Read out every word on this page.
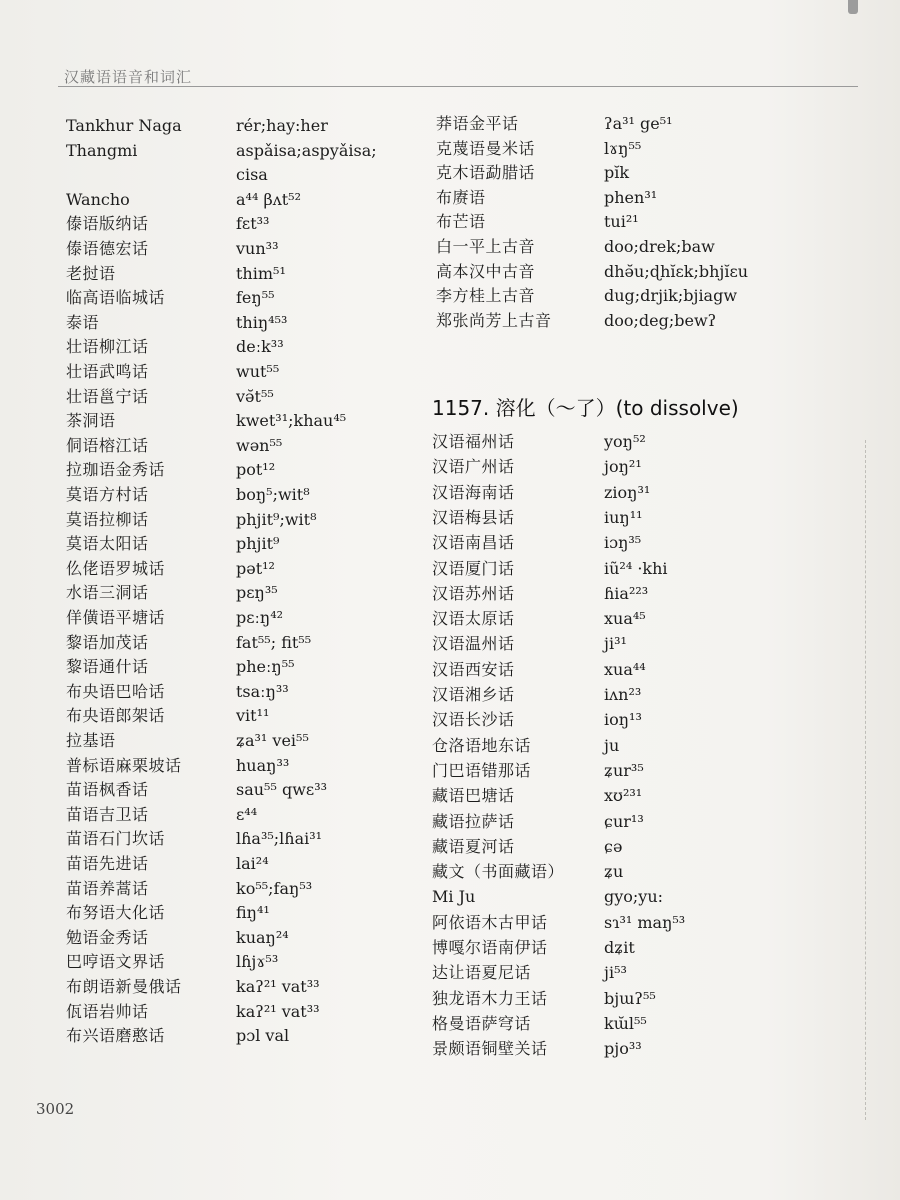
汉藏语语音和词汇
Tankhur Naga	rér;hay:her
Thangmi	aspǎisa;aspyǎisa;
cisa
Wancho	a⁴⁴ βʌt⁵²
傣语版纳话	fɛt³³
傣语德宏话	vun³³
老挝语	thim⁵¹
临高语临城话	feŋ⁵⁵
泰语	thiŋ⁴⁵³
壮语柳江话	deːk³³
壮语武鸣话	wut⁵⁵
壮语邕宁话	vǝ̆t⁵⁵
茶洞语	kwet³¹;khau⁴⁵
侗语榕江话	wən⁵⁵
拉珈语金秀话	pot¹²
莫语方村话	boŋ⁵;wit⁸
莫语拉柳话	phjit⁹;wit⁸
莫语太阳话	phjit⁹
仫佬语罗城话	pət¹²
水语三洞话	pɛŋ³⁵
佯僙语平塘话	pɛːŋ⁴²
黎语加茂话	fat⁵⁵; fit⁵⁵
黎语通什话	pheːŋ⁵⁵
布央语巴哈话	tsaːŋ³³
布央语郎架话	vit¹¹
拉基语	ʑa³¹ vei⁵⁵
普标语麻栗坡话	huaŋ³³
苗语枫香话	sau⁵⁵ qwɛ³³
苗语吉卫话	ɛ⁴⁴
苗语石门坎话	lɦa³⁵;lɦai³¹
苗语先进话	lai²⁴
苗语养蒿话	ko⁵⁵;faŋ⁵³
布努语大化话	fiŋ⁴¹
勉语金秀话	kuaŋ²⁴
巴哼语文界话	lɦjɤ⁵³
布朗语新曼俄话	kaʔ²¹ vat³³
佤语岩帅话	kaʔ²¹ vat³³
布兴语磨憨话	pɔl val
莽语金平话	ʔa³¹ ge⁵¹
克蔑语曼米话	lɤŋ⁵⁵
克木语勐腊话	pĭk
布赓语	phen³¹
布芒语	tui²¹
白一平上古音	doo;drek;baw
高本汉中古音	dhǝ̆u;ɖhĭɛk;bhjĭɛu
李方桂上古音	dug;drjik;bjiagw
郑张尚芳上古音	doo;deg;bewʔ
1157. 溶化（～了）(to dissolve)
汉语福州话	yoŋ⁵²
汉语广州话	joŋ²¹
汉语海南话	zioŋ³¹
汉语梅县话	iuŋ¹¹
汉语南昌话	iɔŋ³⁵
汉语厦门话	iũ²⁴ ·khi
汉语苏州话	ɦia²²³
汉语太原话	xua⁴⁵
汉语温州话	ji³¹
汉语西安话	xua⁴⁴
汉语湘乡话	iʌn²³
汉语长沙话	ioŋ¹³
仓洛语地东话	ju
门巴语错那话	ʑur³⁵
藏语巴塘话	xʊ²³¹
藏语拉萨话	ɕur¹³
藏语夏河话	ɕə
藏文（书面藏语） ʑu
Mi Ju	gyo;yu:
阿依语木古甲话	sɿ³¹ maŋ⁵³
博嘎尔语南伊话	dʑit
达让语夏尼话	ji⁵³
独龙语木力王话	bjɯʔ⁵⁵
格曼语萨穹话	kɯ̆l⁵⁵
景颇语铜壁关话	pjo³³
3002
